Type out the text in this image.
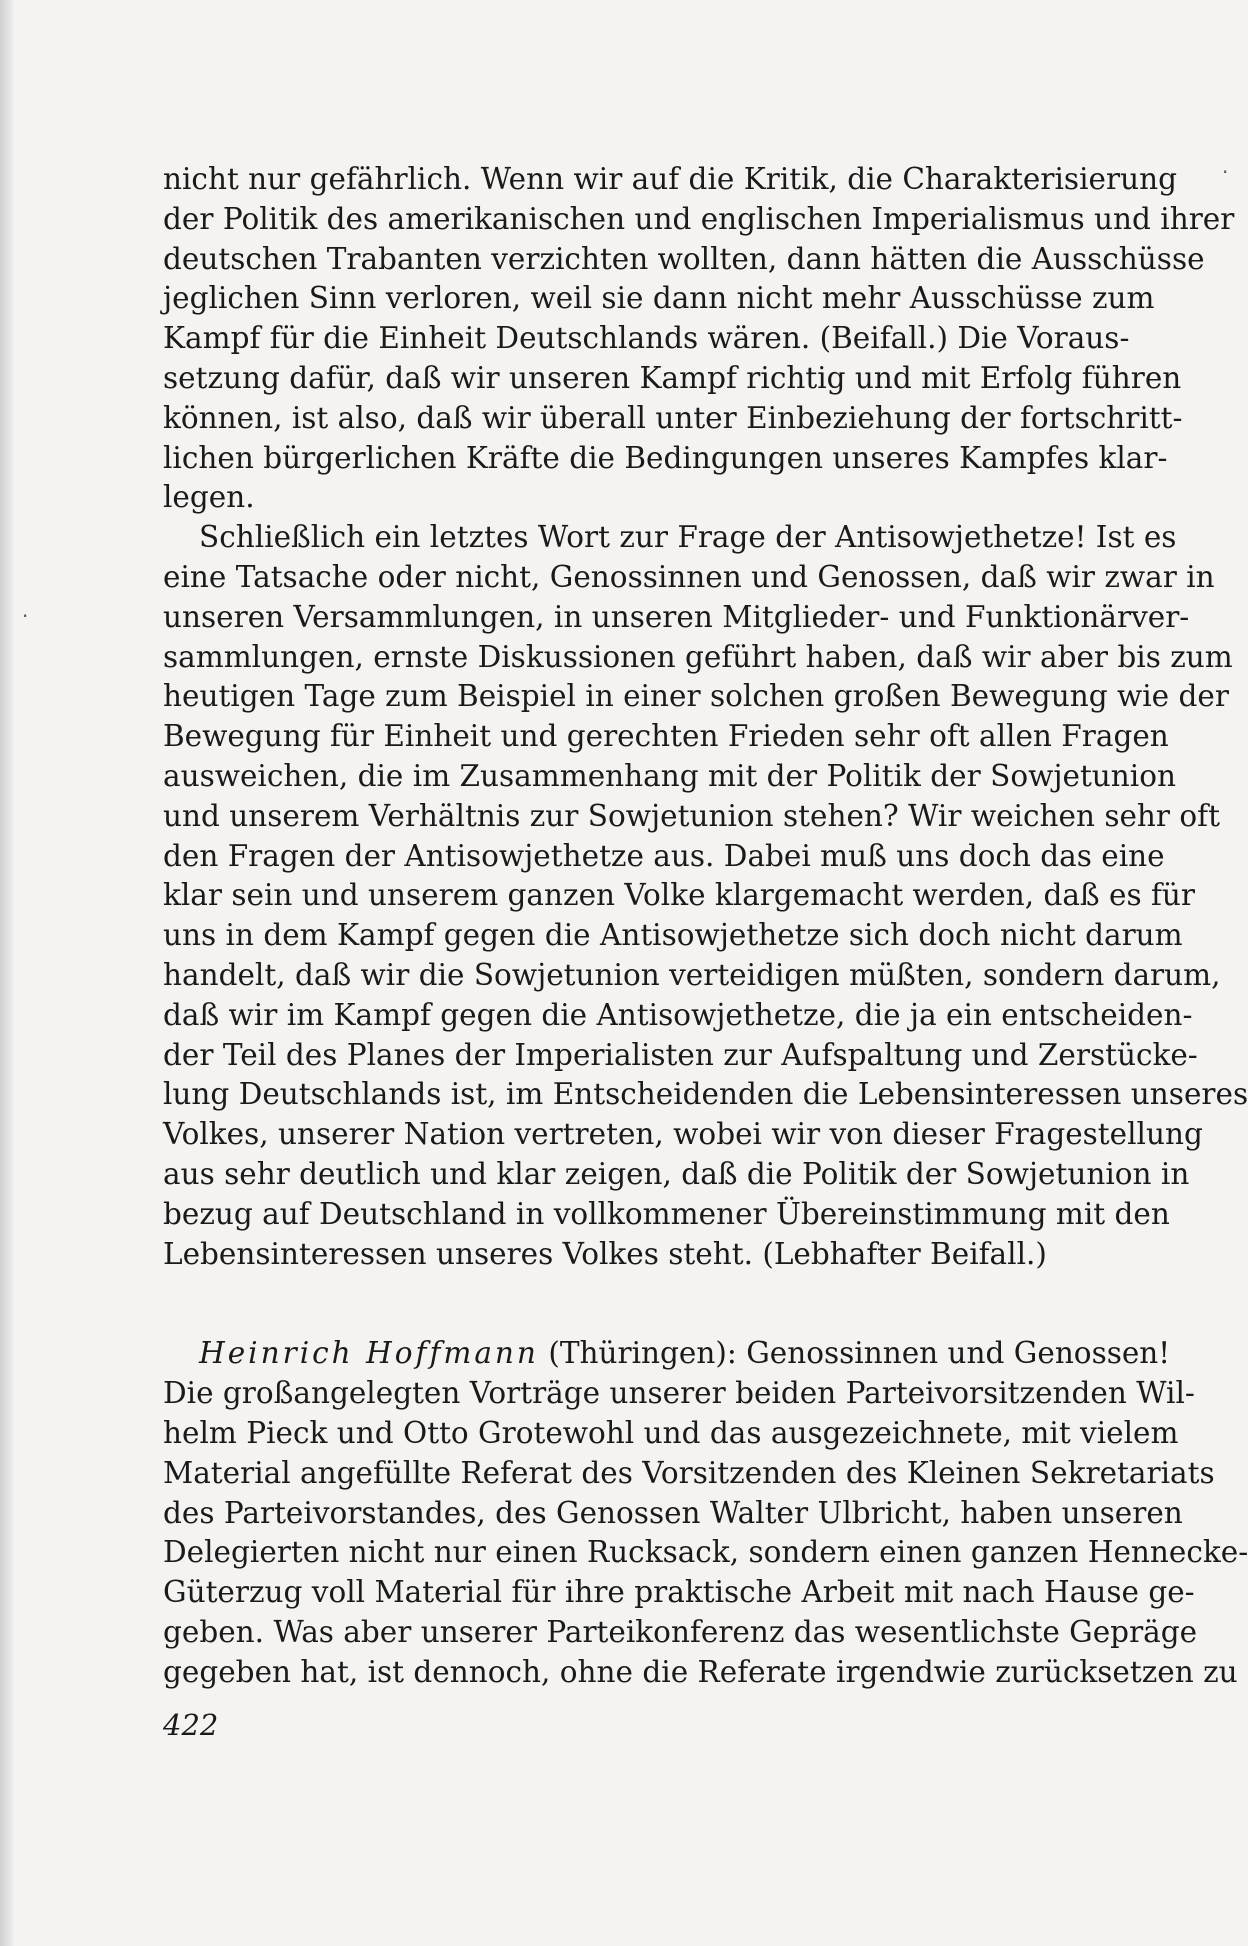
nicht nur gefährlich. Wenn wir auf die Kritik, die Charakterisierung
der Politik des amerikanischen und englischen Imperialismus und ihrer
deutschen Trabanten verzichten wollten, dann hätten die Ausschüsse
jeglichen Sinn verloren, weil sie dann nicht mehr Ausschüsse zum
Kampf für die Einheit Deutschlands wären. (Beifall.) Die Voraus-
setzung dafür, daß wir unseren Kampf richtig und mit Erfolg führen
können, ist also, daß wir überall unter Einbeziehung der fortschritt-
lichen bürgerlichen Kräfte die Bedingungen unseres Kampfes klar-
legen.
Schließlich ein letztes Wort zur Frage der Antisowjethetze! Ist es
eine Tatsache oder nicht, Genossinnen und Genossen, daß wir zwar in
unseren Versammlungen, in unseren Mitglieder- und Funktionärver-
sammlungen, ernste Diskussionen geführt haben, daß wir aber bis zum
heutigen Tage zum Beispiel in einer solchen großen Bewegung wie der
Bewegung für Einheit und gerechten Frieden sehr oft allen Fragen
ausweichen, die im Zusammenhang mit der Politik der Sowjetunion
und unserem Verhältnis zur Sowjetunion stehen? Wir weichen sehr oft
den Fragen der Antisowjethetze aus. Dabei muß uns doch das eine
klar sein und unserem ganzen Volke klargemacht werden, daß es für
uns in dem Kampf gegen die Antisowjethetze sich doch nicht darum
handelt, daß wir die Sowjetunion verteidigen müßten, sondern darum,
daß wir im Kampf gegen die Antisowjethetze, die ja ein entscheiden-
der Teil des Planes der Imperialisten zur Aufspaltung und Zerstücke-
lung Deutschlands ist, im Entscheidenden die Lebensinteressen unseres
Volkes, unserer Nation vertreten, wobei wir von dieser Fragestellung
aus sehr deutlich und klar zeigen, daß die Politik der Sowjetunion in
bezug auf Deutschland in vollkommener Übereinstimmung mit den
Lebensinteressen unseres Volkes steht. (Lebhafter Beifall.)
Heinrich Hoffmann (Thüringen): Genossinnen und Genossen!
Die großangelegten Vorträge unserer beiden Parteivorsitzenden Wil-
helm Pieck und Otto Grotewohl und das ausgezeichnete, mit vielem
Material angefüllte Referat des Vorsitzenden des Kleinen Sekretariats
des Parteivorstandes, des Genossen Walter Ulbricht, haben unseren
Delegierten nicht nur einen Rucksack, sondern einen ganzen Hennecke-
Güterzug voll Material für ihre praktische Arbeit mit nach Hause ge-
geben. Was aber unserer Parteikonferenz das wesentlichste Gepräge
gegeben hat, ist dennoch, ohne die Referate irgendwie zurücksetzen zu
422
·
·
